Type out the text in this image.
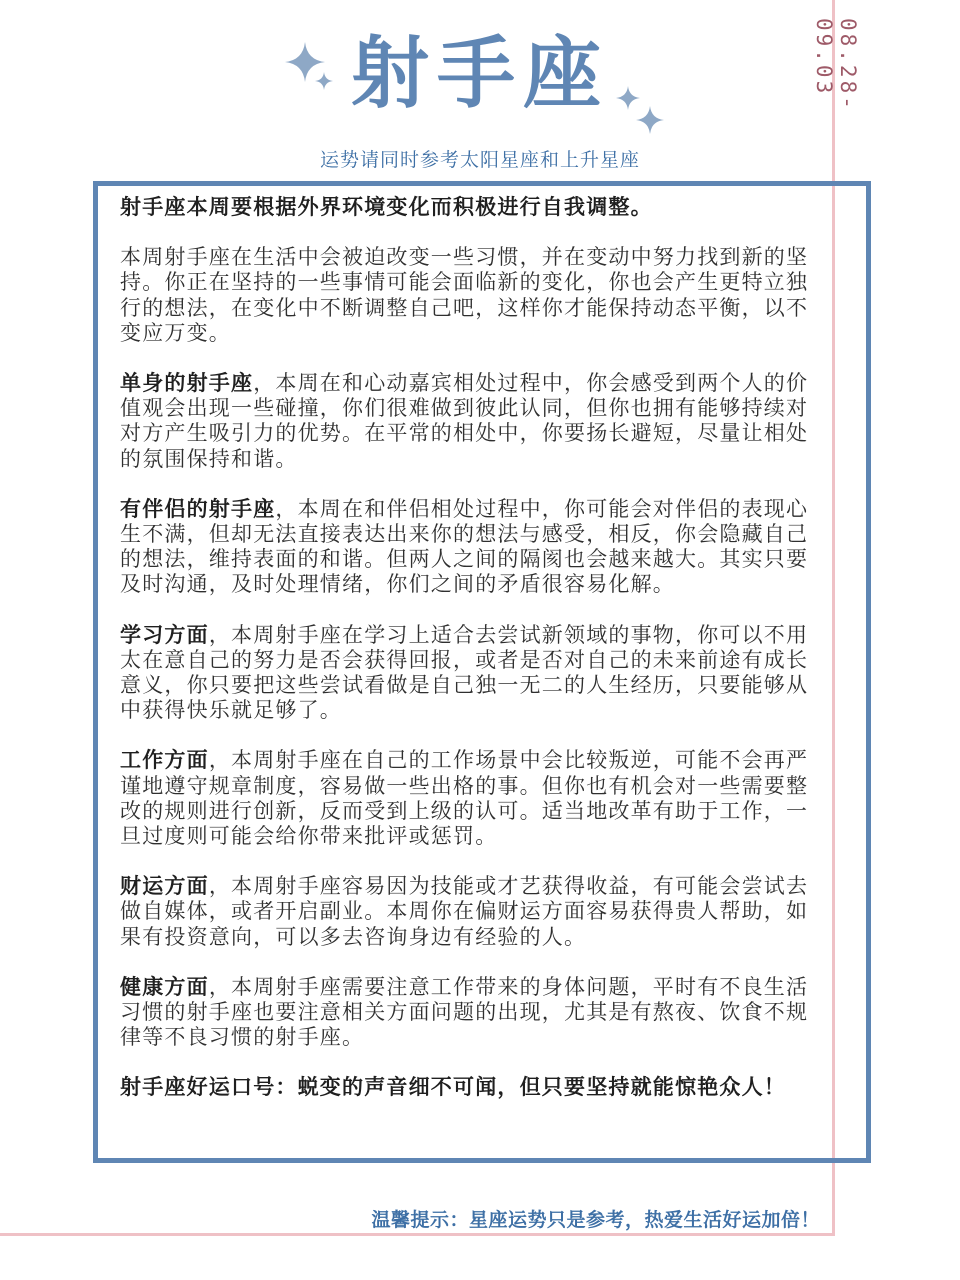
08.28-09.03
射手座
运势请同时参考太阳星座和上升星座

射手座本周要根据外界环境变化而积极进行自我调整。

本周射手座在生活中会被迫改变一些习惯，并在变动中努力找到新的坚持。你正在坚持的一些事情可能会面临新的变化，你也会产生更特立独行的想法，在变化中不断调整自己吧，这样你才能保持动态平衡，以不变应万变。

单身的射手座，本周在和心动嘉宾相处过程中，你会感受到两个人的价值观会出现一些碰撞，你们很难做到彼此认同，但你也拥有能够持续对对方产生吸引力的优势。在平常的相处中，你要扬长避短，尽量让相处的氛围保持和谐。

有伴侣的射手座，本周在和伴侣相处过程中，你可能会对伴侣的表现心生不满，但却无法直接表达出来你的想法与感受，相反，你会隐藏自己的想法，维持表面的和谐。但两人之间的隔阂也会越来越大。其实只要及时沟通，及时处理情绪，你们之间的矛盾很容易化解。

学习方面，本周射手座在学习上适合去尝试新领域的事物，你可以不用太在意自己的努力是否会获得回报，或者是否对自己的未来前途有成长意义，你只要把这些尝试看做是自己独一无二的人生经历，只要能够从中获得快乐就足够了。

工作方面，本周射手座在自己的工作场景中会比较叛逆，可能不会再严谨地遵守规章制度，容易做一些出格的事。但你也有机会对一些需要整改的规则进行创新，反而受到上级的认可。适当地改革有助于工作，一旦过度则可能会给你带来批评或惩罚。

财运方面，本周射手座容易因为技能或才艺获得收益，有可能会尝试去做自媒体，或者开启副业。本周你在偏财运方面容易获得贵人帮助，如果有投资意向，可以多去咨询身边有经验的人。

健康方面，本周射手座需要注意工作带来的身体问题，平时有不良生活习惯的射手座也要注意相关方面问题的出现，尤其是有熬夜、饮食不规律等不良习惯的射手座。

射手座好运口号：蜕变的声音细不可闻，但只要坚持就能惊艳众人！

温馨提示：星座运势只是参考，热爱生活好运加倍！
